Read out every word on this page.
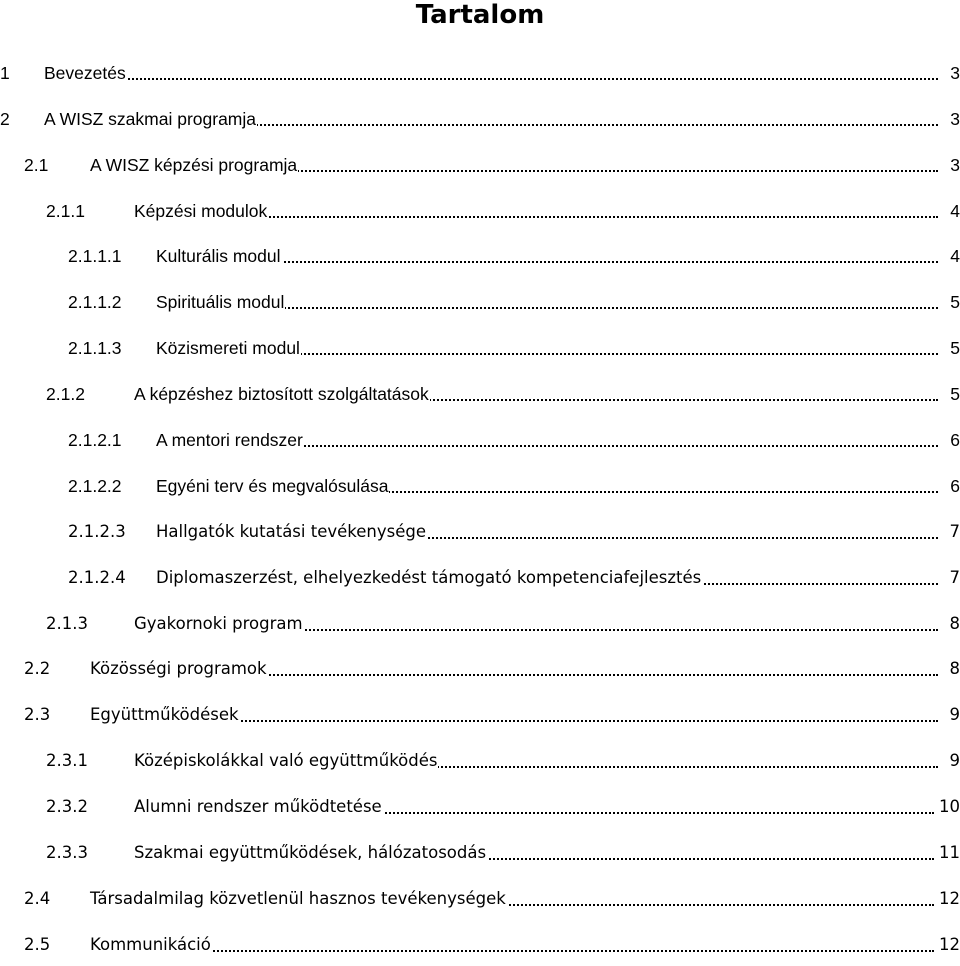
Tartalom
1 Bevezetés	3
2 A WISZ szakmai programja	3
2.1 A WISZ képzési programja	3
2.1.1	Képzési modulok	4
2.1.1.1 Kulturális modul	4
2.1.1.2 Spirituális modul	5
2.1.1.3 Közismereti modul	5
2.1.2	A képzéshez biztosított szolgáltatások	5
2.1.2.1 A mentori rendszer	6
2.1.2.2 Egyéni terv és megvalósulása	6
2.1.2.3 Hallgatók kutatási tevékenysége	7
2.1.2.4 Diplomaszerzést, elhelyezkedést támogató kompetenciafejlesztés	7
2.1.3	Gyakornoki program	8
2.2 Közösségi programok	8
2.3 Együttműködések	9
2.3.1	Középiskolákkal való együttműködés	9
2.3.2	Alumni rendszer működtetése	10
2.3.3	Szakmai együttműködések, hálózatosodás	11
2.4 Társadalmilag közvetlenül hasznos tevékenységek	12
2.5 Kommunikáció	12
